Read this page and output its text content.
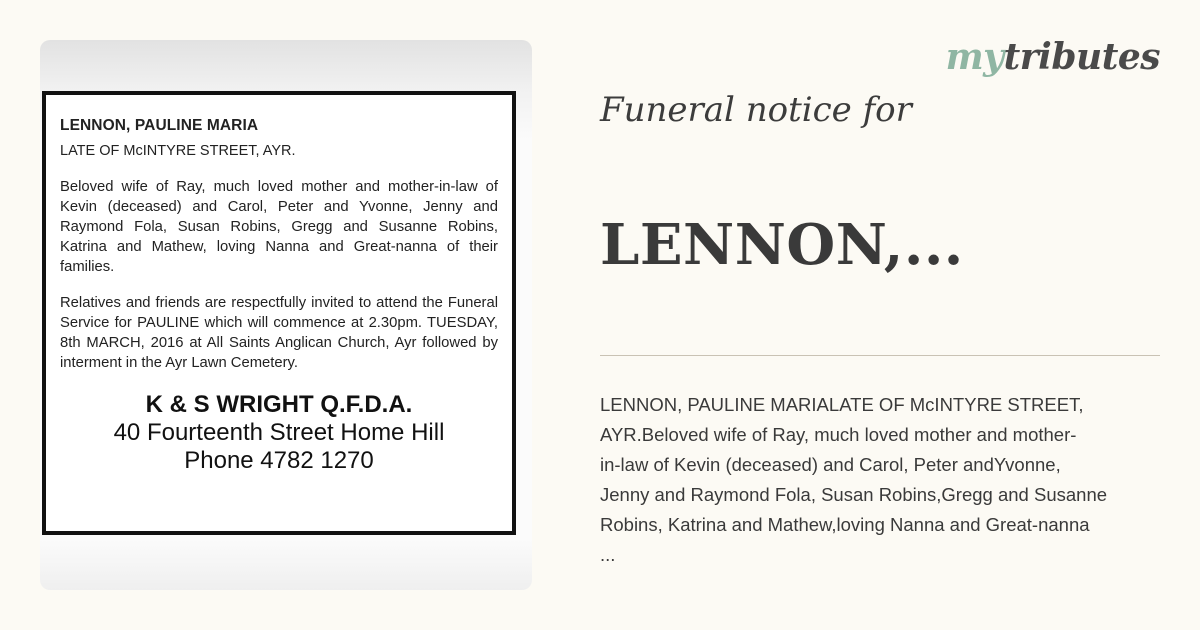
LENNON, PAULINE MARIA
LATE OF McINTYRE STREET, AYR.

Beloved wife of Ray, much loved mother and mother-in-law of Kevin (deceased) and Carol, Peter and Yvonne, Jenny and Raymond Fola, Susan Robins, Gregg and Susanne Robins, Katrina and Mathew, loving Nanna and Great-nanna of their families.

Relatives and friends are respectfully invited to attend the Funeral Service for PAULINE which will commence at 2.30pm. TUESDAY, 8th MARCH, 2016 at All Saints Anglican Church, Ayr followed by interment in the Ayr Lawn Cemetery.

K & S WRIGHT Q.F.D.A.
40 Fourteenth Street Home Hill
Phone 4782 1270
mytributes
Funeral notice for
LENNON,...
LENNON, PAULINE MARIALATE OF McINTYRE STREET,
AYR.Beloved wife of Ray, much loved mother and mother-
in-law of Kevin (deceased) and Carol, Peter andYvonne,
Jenny and Raymond Fola, Susan Robins,Gregg and Susanne
Robins, Katrina and Mathew,loving Nanna and Great-nanna
...
